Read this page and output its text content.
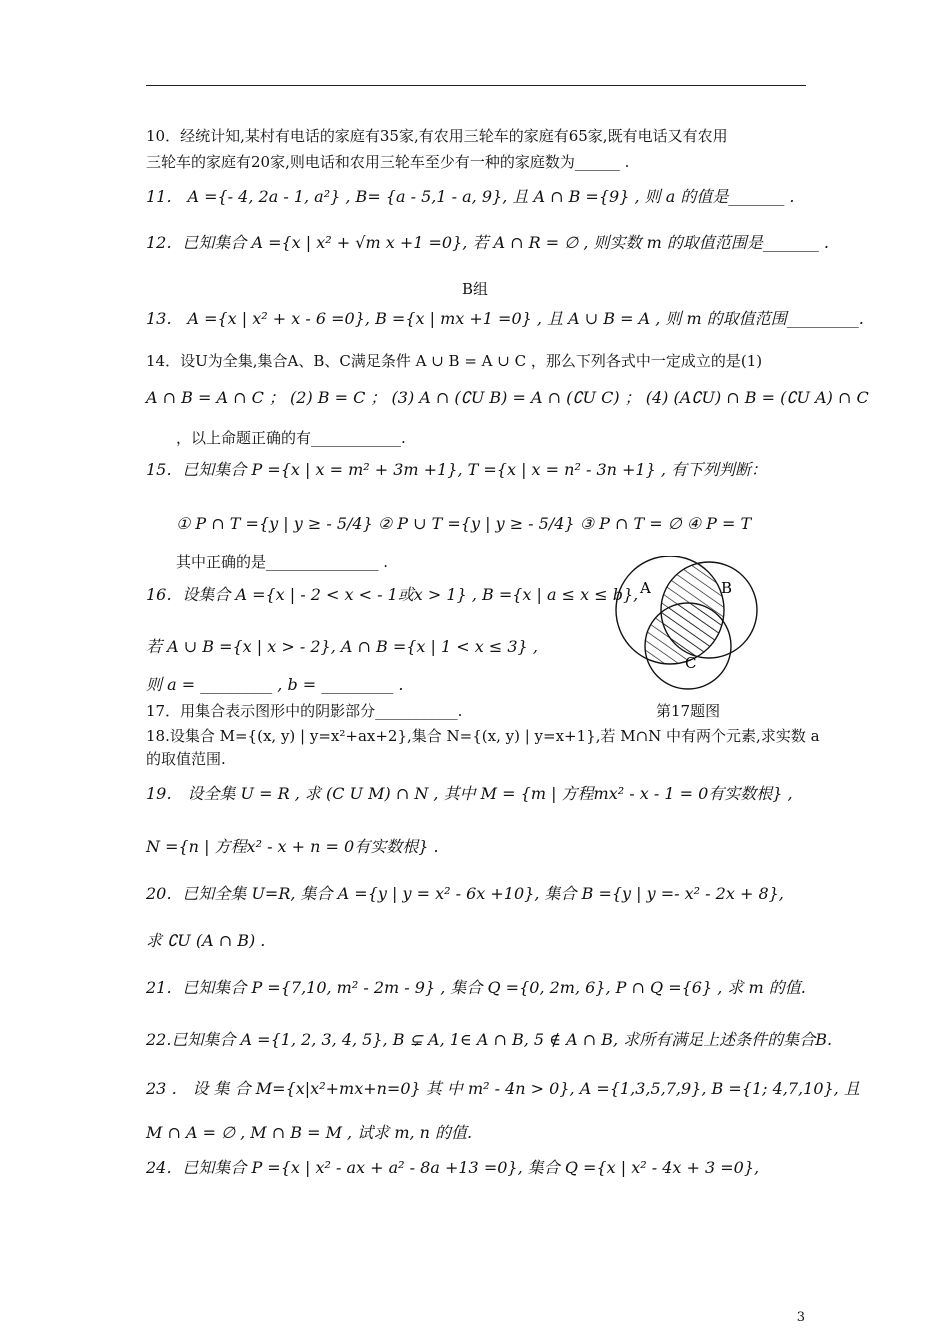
10．经统计知,某村有电话的家庭有35家,有农用三轮车的家庭有65家,既有电话又有农用
三轮车的家庭有20家,则电话和农用三轮车至少有一种的家庭数为______ .
11． A ={- 4, 2a - 1, a²} , B= {a - 5,1 - a, 9}, 且 A ∩ B ={9} , 则 a 的值是_______ .
12．已知集合 A ={x | x² + √m x +1 =0}, 若 A ∩ R = ∅ , 则实数 m 的取值范围是_______ .
B组
13． A ={x | x² + x - 6 =0}, B ={x | mx +1 =0} , 且 A ∪ B = A , 则 m 的取值范围_________.
14．设U为全集,集合A、B、C满足条件 A ∪ B = A ∪ C ，那么下列各式中一定成立的是(1)
A ∩ B = A ∩ C ； (2) B = C ； (3) A ∩ (∁U B) = A ∩ (∁U C) ； (4) (A∁U) ∩ B = (∁U A) ∩ C
，以上命题正确的有____________.
15．已知集合 P ={x | x = m² + 3m +1}, T ={x | x = n² - 3n +1} , 有下列判断：
① P ∩ T ={y | y ≥ - 5/4} ② P ∪ T ={y | y ≥ - 5/4} ③ P ∩ T = ∅ ④ P = T
其中正确的是_______________ .
16．设集合 A ={x | - 2 < x < - 1或x > 1} , B ={x | a ≤ x ≤ b},
若 A ∪ B ={x | x > - 2}, A ∩ B ={x | 1 < x ≤ 3} ,
则 a = _________ , b = _________ .
17．用集合表示图形中的阴影部分___________.
18.设集合 M={(x, y) | y=x²+ax+2},集合 N={(x, y) | y=x+1},若 M∩N 中有两个元素,求实数 a
的取值范围.
19． 设全集 U = R , 求 (C U M) ∩ N , 其中 M = {m | 方程mx² - x - 1 = 0有实数根} ,
N ={n | 方程x² - x + n = 0有实数根} .
20．已知全集 U=R, 集合 A ={y | y = x² - 6x +10}, 集合 B ={y | y =- x² - 2x + 8},
求 ∁U (A ∩ B) .
21．已知集合 P ={7,10, m² - 2m - 9} , 集合 Q ={0, 2m, 6}, P ∩ Q ={6} , 求 m 的值.
22.已知集合 A ={1, 2, 3, 4, 5}, B ⊊ A, 1∈ A ∩ B, 5 ∉ A ∩ B, 求所有满足上述条件的集合B.
23 ． 设 集 合 M={x|x²+mx+n=0} 其 中 m² - 4n > 0}, A ={1,3,5,7,9}, B ={1; 4,7,10}, 且
M ∩ A = ∅ , M ∩ B = M , 试求 m, n 的值.
24．已知集合 P ={x | x² - ax + a² - 8a +13 =0}, 集合 Q ={x | x² - 4x + 3 =0},
A	B
C
第17题图
3
